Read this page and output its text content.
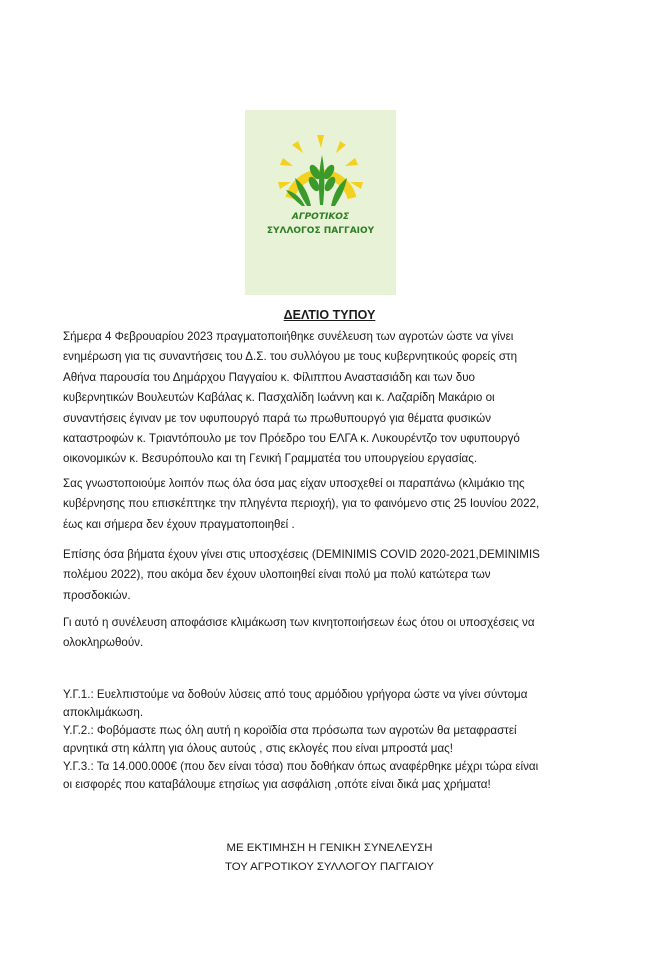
ΑΓΡΟΤΙΚΟΣ
ΣΥΛΛΟΓΟΣ ΠΑΓΓΑΙΟΥ
ΔΕΛΤΙΟ ΤΥΠΟΥ

Σήμερα 4 Φεβρουαρίου 2023 πραγματοποιήθηκε συνέλευση των αγροτών ώστε να γίνει
ενημέρωση για τις συναντήσεις του Δ.Σ. του συλλόγου με τους κυβερνητικούς φορείς στη
Αθήνα παρουσία του Δημάρχου Παγγαίου κ. Φίλιππου Αναστασιάδη και των δυο
κυβερνητικών Βουλευτών Καβάλας κ. Πασχαλίδη Ιωάννη και κ. Λαζαρίδη Μακάριο οι
συναντήσεις έγιναν με τον υφυπουργό παρά τω πρωθυπουργό για θέματα φυσικών
καταστροφών κ. Τριαντόπουλο με τον Πρόεδρο του ΕΛΓΑ κ. Λυκουρέντζο τον υφυπουργό
οικονομικών κ. Βεσυρόπουλο και τη Γενική Γραμματέα του υπουργείου εργασίας.

Σας γνωστοποιούμε λοιπόν πως όλα όσα μας είχαν υποσχεθεί οι παραπάνω (κλιμάκιο της
κυβέρνησης που επισκέπτηκε την πληγέντα περιοχή), για το φαινόμενο στις 25 Ιουνίου 2022,
έως και σήμερα δεν έχουν πραγματοποιηθεί .

Επίσης όσα βήματα έχουν γίνει στις υποσχέσεις (DEMINIMIS COVID 2020-2021,DEMINIMIS
πολέμου 2022), που ακόμα δεν έχουν υλοποιηθεί είναι πολύ μα πολύ κατώτερα των
προσδοκιών.

Γι αυτό η συνέλευση αποφάσισε κλιμάκωση των κινητοποιήσεων έως ότου οι υποσχέσεις να
ολοκληρωθούν.

Υ.Γ.1.: Ευελπιστούμε να δοθούν λύσεις από τους αρμόδιου γρήγορα ώστε να γίνει σύντομα
αποκλιμάκωση.
Υ.Γ.2.: Φοβόμαστε πως όλη αυτή η κοροϊδία στα πρόσωπα των αγροτών θα μεταφραστεί
αρνητικά στη κάλπη για όλους αυτούς , στις εκλογές που είναι μπροστά μας!
Υ.Γ.3.: Τα 14.000.000€ (που δεν είναι τόσα) που δοθήκαν όπως αναφέρθηκε μέχρι τώρα είναι
οι εισφορές που καταβάλουμε ετησίως για ασφάλιση ,οπότε είναι δικά μας χρήματα!
ΜΕ ΕΚΤΙΜΗΣΗ Η ΓΕΝΙΚΗ ΣΥΝΕΛΕΥΣΗ
ΤΟΥ ΑΓΡΟΤΙΚΟΥ ΣΥΛΛΟΓΟΥ ΠΑΓΓΑΙΟΥ
